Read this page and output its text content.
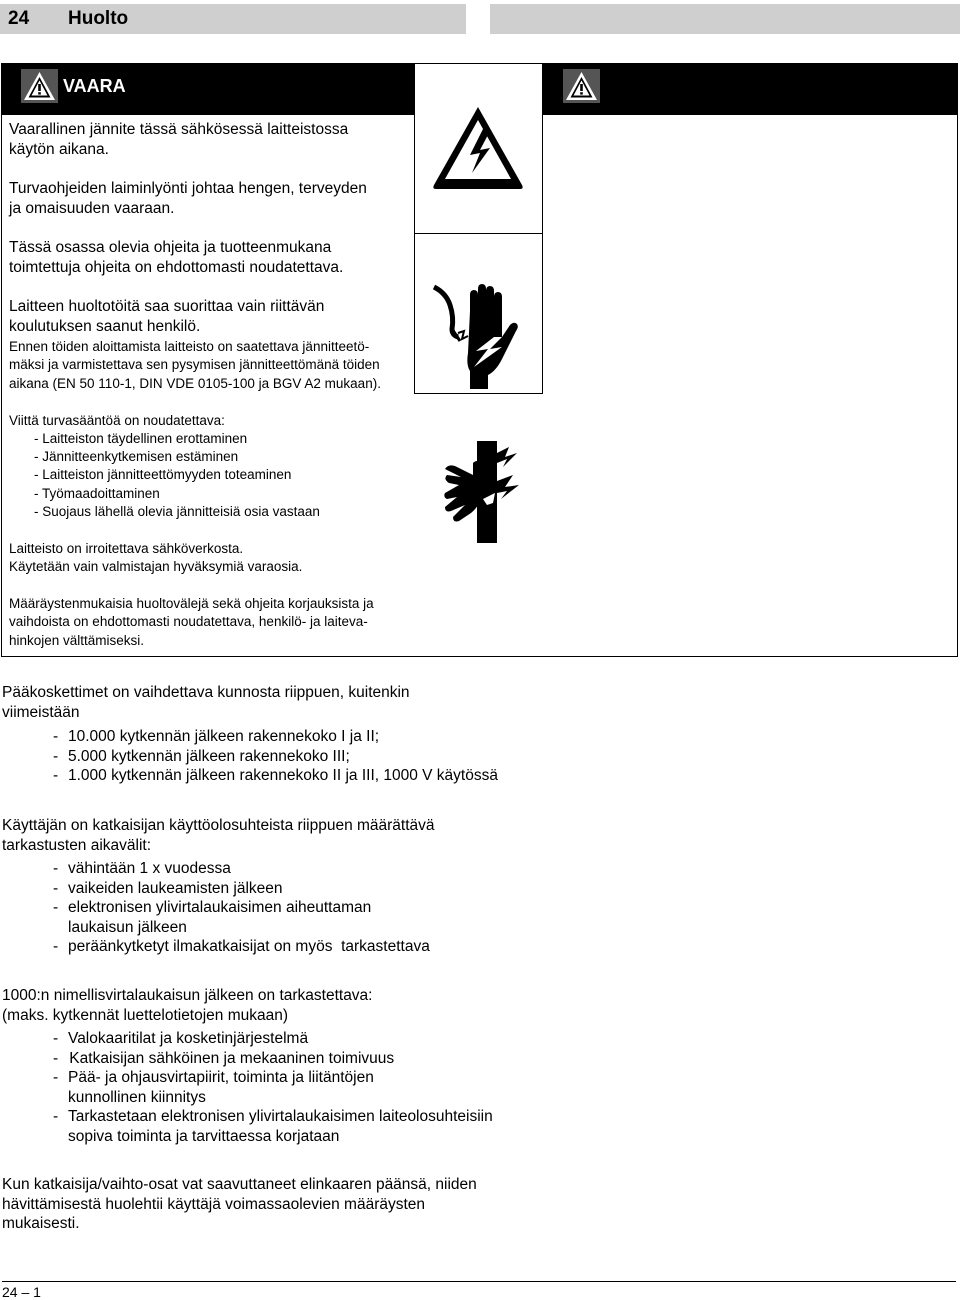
24 Huolto
VAARA

Vaarallinen jännite tässä sähkösessä laitteistossa
käytön aikana.

Turvaohjeiden laiminlyönti johtaa hengen, terveyden
ja omaisuuden vaaraan.

Tässä osassa olevia ohjeita ja tuotteenmukana
toimtettuja ohjeita on ehdottomasti noudatettava.

Laitteen huoltotöitä saa suorittaa vain riittävän
koulutuksen saanut henkilö.

Ennen töiden aloittamista laitteisto on saatettava jännitteetö-
mäksi ja varmistettava sen pysymisen jännitteettömänä töiden
aikana (EN 50 110-1, DIN VDE 0105-100 ja BGV A2 mukaan).

Viittä turvasääntöä on noudatettava:

- Laitteiston täydellinen erottaminen
- Jännitteenkytkemisen estäminen
- Laitteiston jännitteettömyyden toteaminen
- Työmaadoittaminen
- Suojaus lähellä olevia jännitteisiä osia vastaan

Laitteisto on irroitettava sähköverkosta.
Käytetään vain valmistajan hyväksymiä varaosia.

Määräystenmukaisia huoltovälejä sekä ohjeita korjauksista ja
vaihdoista on ehdottomasti noudatettava, henkilö- ja laiteva-
hinkojen välttämiseksi.

Pääkoskettimet on vaihdettava kunnosta riippuen, kuitenkin
viimeistään
- 10.000 kytkennän jälkeen rakennekoko I ja II;
- 5.000 kytkennän jälkeen rakennekoko III;
- 1.000 kytkennän jälkeen rakennekoko II ja III, 1000 V käytössä
Käyttäjän on katkaisijan käyttöolosuhteista riippuen määrättävä
tarkastusten aikavälit:
- vähintään 1 x vuodessa
- vaikeiden laukeamisten jälkeen
- elektronisen ylivirtalaukaisimen aiheuttaman
laukaisun jälkeen
- peräänkytketyt ilmakatkaisijat on myös  tarkastettava
1000:n nimellisvirtalaukaisun jälkeen on tarkastettava:
(maks. kytkennät luettelotietojen mukaan)
- Valokaaritilat ja kosketinjärjestelmä
- Katkaisijan sähköinen ja mekaaninen toimivuus
- Pää- ja ohjausvirtapiirit, toiminta ja liitäntöjen
kunnollinen kiinnitys
- Tarkastetaan elektronisen ylivirtalaukaisimen laiteolosuhteisiin
sopiva toiminta ja tarvittaessa korjataan
Kun katkaisija/vaihto-osat vat saavuttaneet elinkaaren päänsä, niiden
hävittämisestä huolehtii käyttäjä voimassaolevien määräysten
mukaisesti.
24 – 1
